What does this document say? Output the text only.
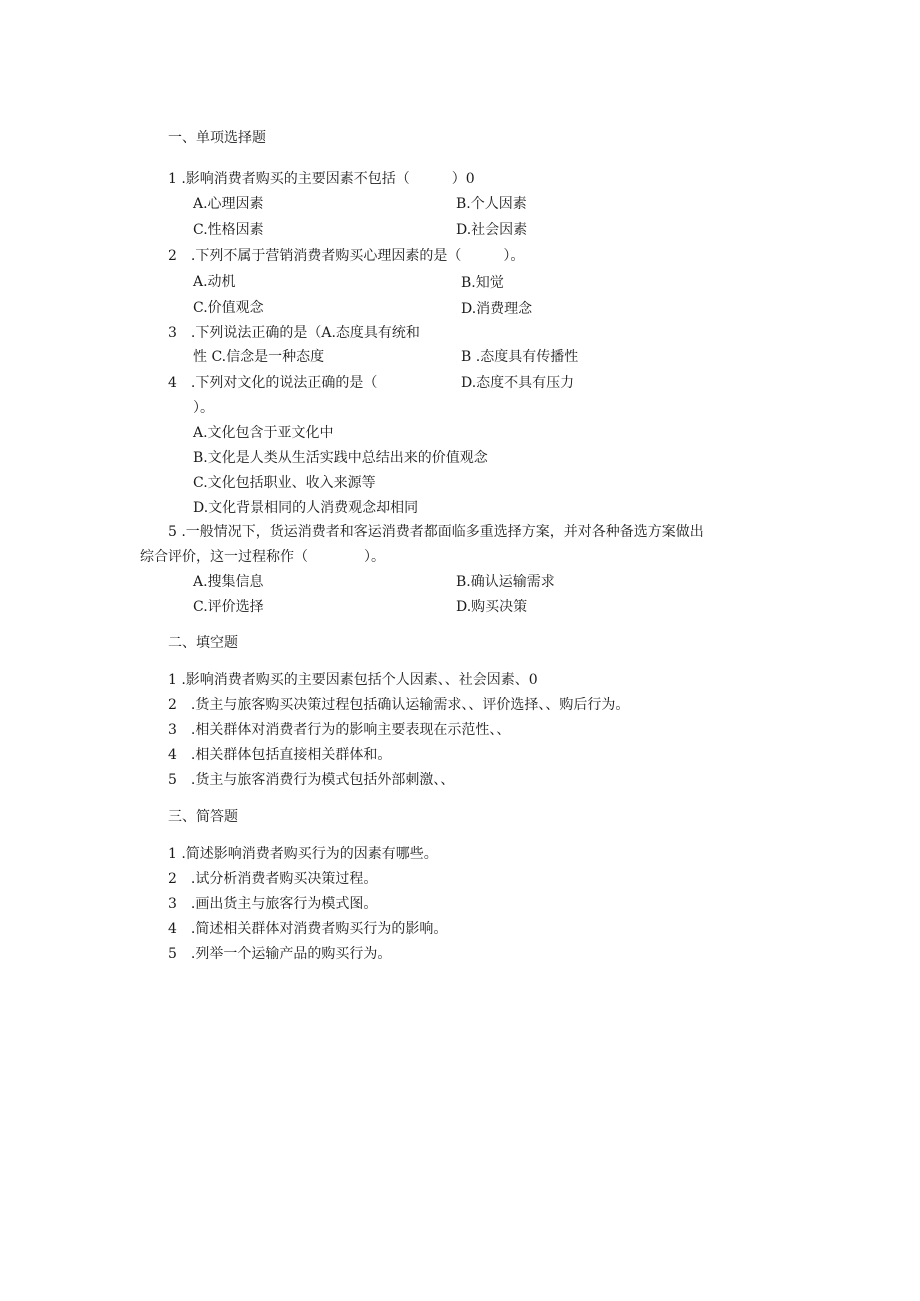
一、单项选择题
1 .影响消费者购买的主要因素不包括（　　　）0
A.心理因素	B.个人因素
C.性格因素	D.社会因素
2　.下列不属于营销消费者购买心理因素的是（　　　）。
A.动机	B.知觉
C.价值观念	D.消费理念
3　.下列说法正确的是（A.态度具有统和
性 C.信念是一种态度	B .态度具有传播性
4　.下列对文化的说法正确的是（	D.态度不具有压力
）。
A.文化包含于亚文化中
B.文化是人类从生活实践中总结出来的价值观念
C.文化包括职业、收入来源等
D.文化背景相同的人消费观念却相同
5 .一般情况下，货运消费者和客运消费者都面临多重选择方案，并对各种备选方案做出
综合评价，这一过程称作（　　　　）。
A.搜集信息	B.确认运输需求
C.评价选择	D.购买决策
二、填空题
1 .影响消费者购买的主要因素包括个人因素、、社会因素、0
2　.货主与旅客购买决策过程包括确认运输需求、、评价选择、、购后行为。
3　.相关群体对消费者行为的影响主要表现在示范性、、
4　.相关群体包括直接相关群体和。
5　.货主与旅客消费行为模式包括外部刺激、、
三、简答题
1 .简述影响消费者购买行为的因素有哪些。
2　.试分析消费者购买决策过程。
3　.画出货主与旅客行为模式图。
4　.简述相关群体对消费者购买行为的影响。
5　.列举一个运输产品的购买行为。
